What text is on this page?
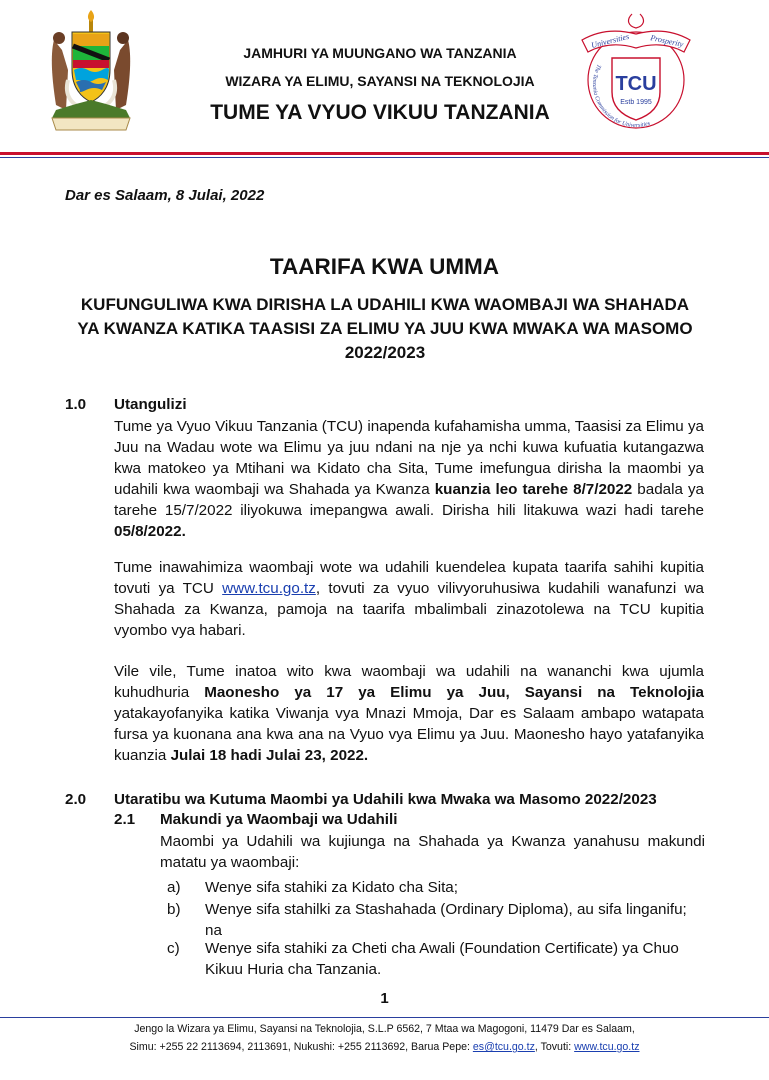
JAMHURI YA MUUNGANO WA TANZANIA
WIZARA YA ELIMU, SAYANSI NA TEKNOLOJIA
TUME YA VYUO VIKUU TANZANIA
Universities Prosperity
TCU
Estb 1995
The Tanzania Commission for Universities
Dar es Salaam, 8 Julai, 2022
TAARIFA KWA UMMA
KUFUNGULIWA KWA DIRISHA LA UDAHILI KWA WAOMBAJI WA SHAHADA YA KWANZA KATIKA TAASISI ZA ELIMU YA JUU KWA MWAKA WA MASOMO 2022/2023
1.0 Utangulizi
Tume ya Vyuo Vikuu Tanzania (TCU) inapenda kufahamisha umma, Taasisi za Elimu ya Juu na Wadau wote wa Elimu ya juu ndani na nje ya nchi kuwa kufuatia kutangazwa kwa matokeo ya Mtihani wa Kidato cha Sita, Tume imefungua dirisha la maombi ya udahili kwa waombaji wa Shahada ya Kwanza kuanzia leo tarehe 8/7/2022 badala ya tarehe 15/7/2022 iliyokuwa imepangwa awali. Dirisha hili litakuwa wazi hadi tarehe 05/8/2022.
Tume inawahimiza waombaji wote wa udahili kuendelea kupata taarifa sahihi kupitia tovuti ya TCU www.tcu.go.tz, tovuti za vyuo vilivyoruhusiwa kudahili wanafunzi wa Shahada za Kwanza, pamoja na taarifa mbalimbali zinazotolewa na TCU kupitia vyombo vya habari.
Vile vile, Tume inatoa wito kwa waombaji wa udahili na wananchi kwa ujumla kuhudhuria Maonesho ya 17 ya Elimu ya Juu, Sayansi na Teknolojia yatakayofanyika katika Viwanja vya Mnazi Mmoja, Dar es Salaam ambapo watapata fursa ya kuonana ana kwa ana na Vyuo vya Elimu ya Juu. Maonesho hayo yatafanyika kuanzia Julai 18 hadi Julai 23, 2022.
2.0 Utaratibu wa Kutuma Maombi ya Udahili kwa Mwaka wa Masomo 2022/2023
2.1 Makundi ya Waombaji wa Udahili
Maombi ya Udahili wa kujiunga na Shahada ya Kwanza yanahusu makundi matatu ya waombaji:
a) Wenye sifa stahiki za Kidato cha Sita;
b) Wenye sifa stahilki za Stashahada (Ordinary Diploma), au sifa linganifu; na
c) Wenye sifa stahiki za Cheti cha Awali (Foundation Certificate) ya Chuo Kikuu Huria cha Tanzania.
1
Jengo la Wizara ya Elimu, Sayansi na Teknolojia, S.L.P 6562, 7 Mtaa wa Magogoni, 11479 Dar es Salaam,
Simu: +255 22 2113694, 2113691, Nukushi: +255 2113692, Barua Pepe: es@tcu.go.tz, Tovuti: www.tcu.go.tz
